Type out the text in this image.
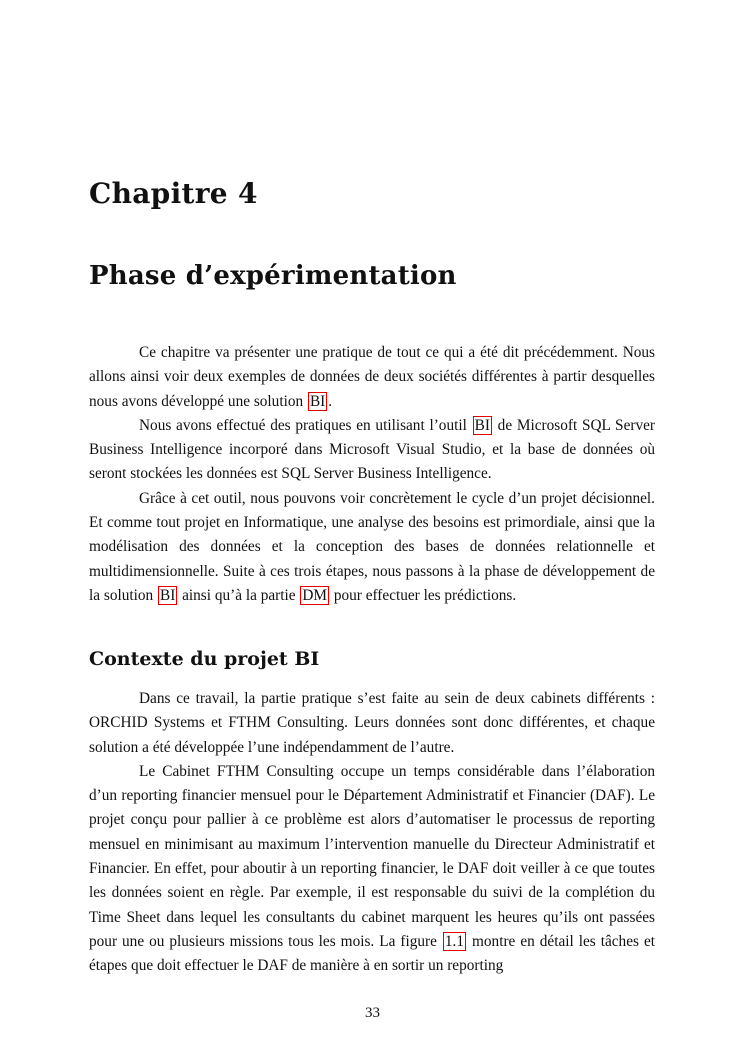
Chapitre 4
Phase d’expérimentation

Ce chapitre va présenter une pratique de tout ce qui a été dit précédemment. Nous allons ainsi voir deux exemples de données de deux sociétés différentes à partir desquelles nous avons développé une solution BI .

Nous avons effectué des pratiques en utilisant l’outil BI de Microsoft SQL Server Business Intelligence incorporé dans Microsoft Visual Studio, et la base de données où seront stockées les données est SQL Server Business Intelligence.

Grâce à cet outil, nous pouvons voir concrètement le cycle d’un projet décisionnel. Et comme tout projet en Informatique, une analyse des besoins est primordiale, ainsi que la modélisation des données et la conception des bases de données relationnelle et multidimensionnelle. Suite à ces trois étapes, nous passons à la phase de développement de la solution BI ainsi qu’à la partie DM pour effectuer les prédictions.

Contexte du projet BI

Dans ce travail, la partie pratique s’est faite au sein de deux cabinets différents : ORCHID Systems et FTHM Consulting. Leurs données sont donc différentes, et chaque solution a été développée l’une indépendamment de l’autre.

Le Cabinet FTHM Consulting occupe un temps considérable dans l’élaboration d’un reporting financier mensuel pour le Département Administratif et Financier (DAF). Le projet conçu pour pallier à ce problème est alors d’automatiser le processus de reporting mensuel en minimisant au maximum l’intervention manuelle du Directeur Administratif et Financier. En effet, pour aboutir à un reporting financier, le DAF doit veiller à ce que toutes les données soient en règle. Par exemple, il est responsable du suivi de la complétion du Time Sheet dans lequel les consultants du cabinet marquent les heures qu’ils ont passées pour une ou plusieurs missions tous les mois. La figure 1.1 montre en détail les tâches et étapes que doit effectuer le DAF de manière à en sortir un reporting

33
